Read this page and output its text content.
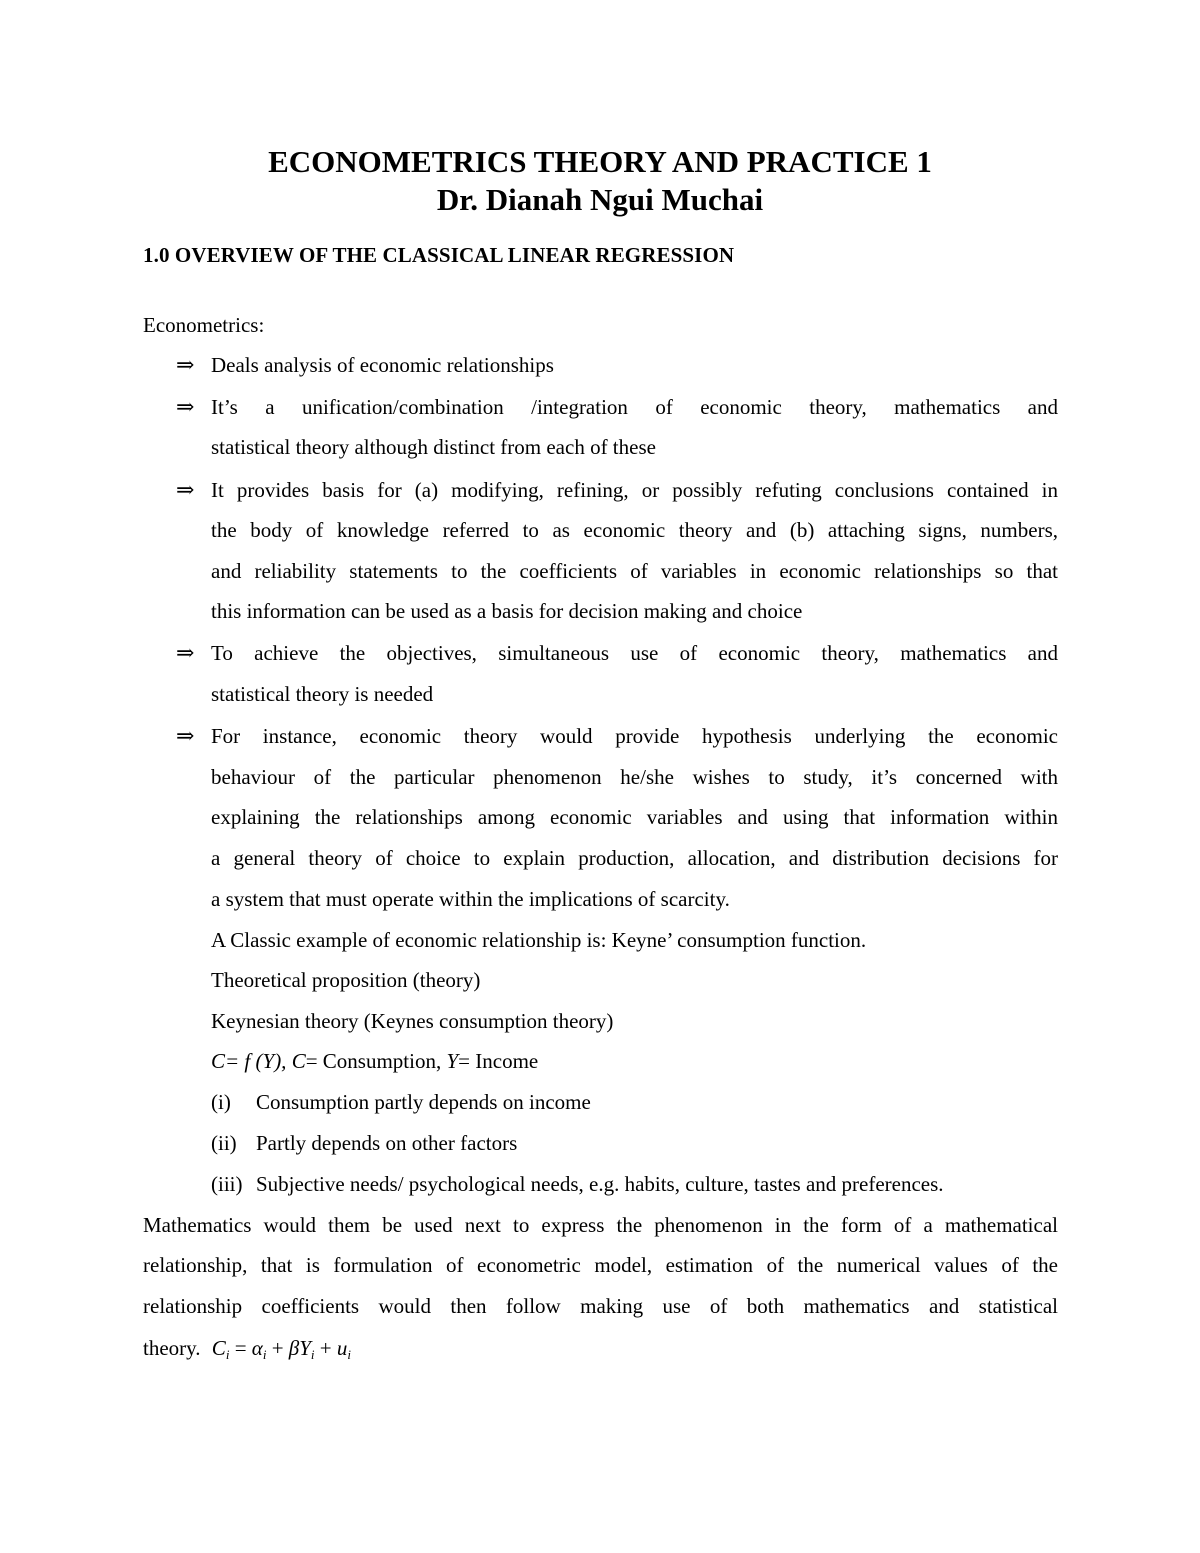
ECONOMETRICS THEORY AND PRACTICE 1
Dr. Dianah Ngui Muchai
1.0 OVERVIEW OF THE CLASSICAL LINEAR REGRESSION
Econometrics:
⇒ Deals analysis of economic relationships
⇒ It’s a unification/combination /integration of economic theory, mathematics and
statistical theory although distinct from each of these
⇒ It provides basis for (a) modifying, refining, or possibly refuting conclusions contained in
the body of knowledge referred to as economic theory and (b) attaching signs, numbers,
and reliability statements to the coefficients of variables in economic relationships so that
this information can be used as a basis for decision making and choice
⇒ To achieve the objectives, simultaneous use of economic theory, mathematics and
statistical theory is needed
⇒ For instance, economic theory would provide hypothesis underlying the economic
behaviour of the particular phenomenon he/she wishes to study, it’s concerned with
explaining the relationships among economic variables and using that information within
a general theory of choice to explain production, allocation, and distribution decisions for
a system that must operate within the implications of scarcity.
A Classic example of economic relationship is: Keyne’ consumption function.
Theoretical proposition (theory)
Keynesian theory (Keynes consumption theory)
C= f (Y), C= Consumption, Y= Income
(i) Consumption partly depends on income
(ii) Partly depends on other factors
(iii) Subjective needs/ psychological needs, e.g. habits, culture, tastes and preferences.
Mathematics would them be used next to express the phenomenon in the form of a mathematical
relationship, that is formulation of econometric model, estimation of the numerical values of the
relationship coefficients would then follow making use of both mathematics and statistical
theory. $C_i = \alpha_i + \beta Y_i + u_i$
